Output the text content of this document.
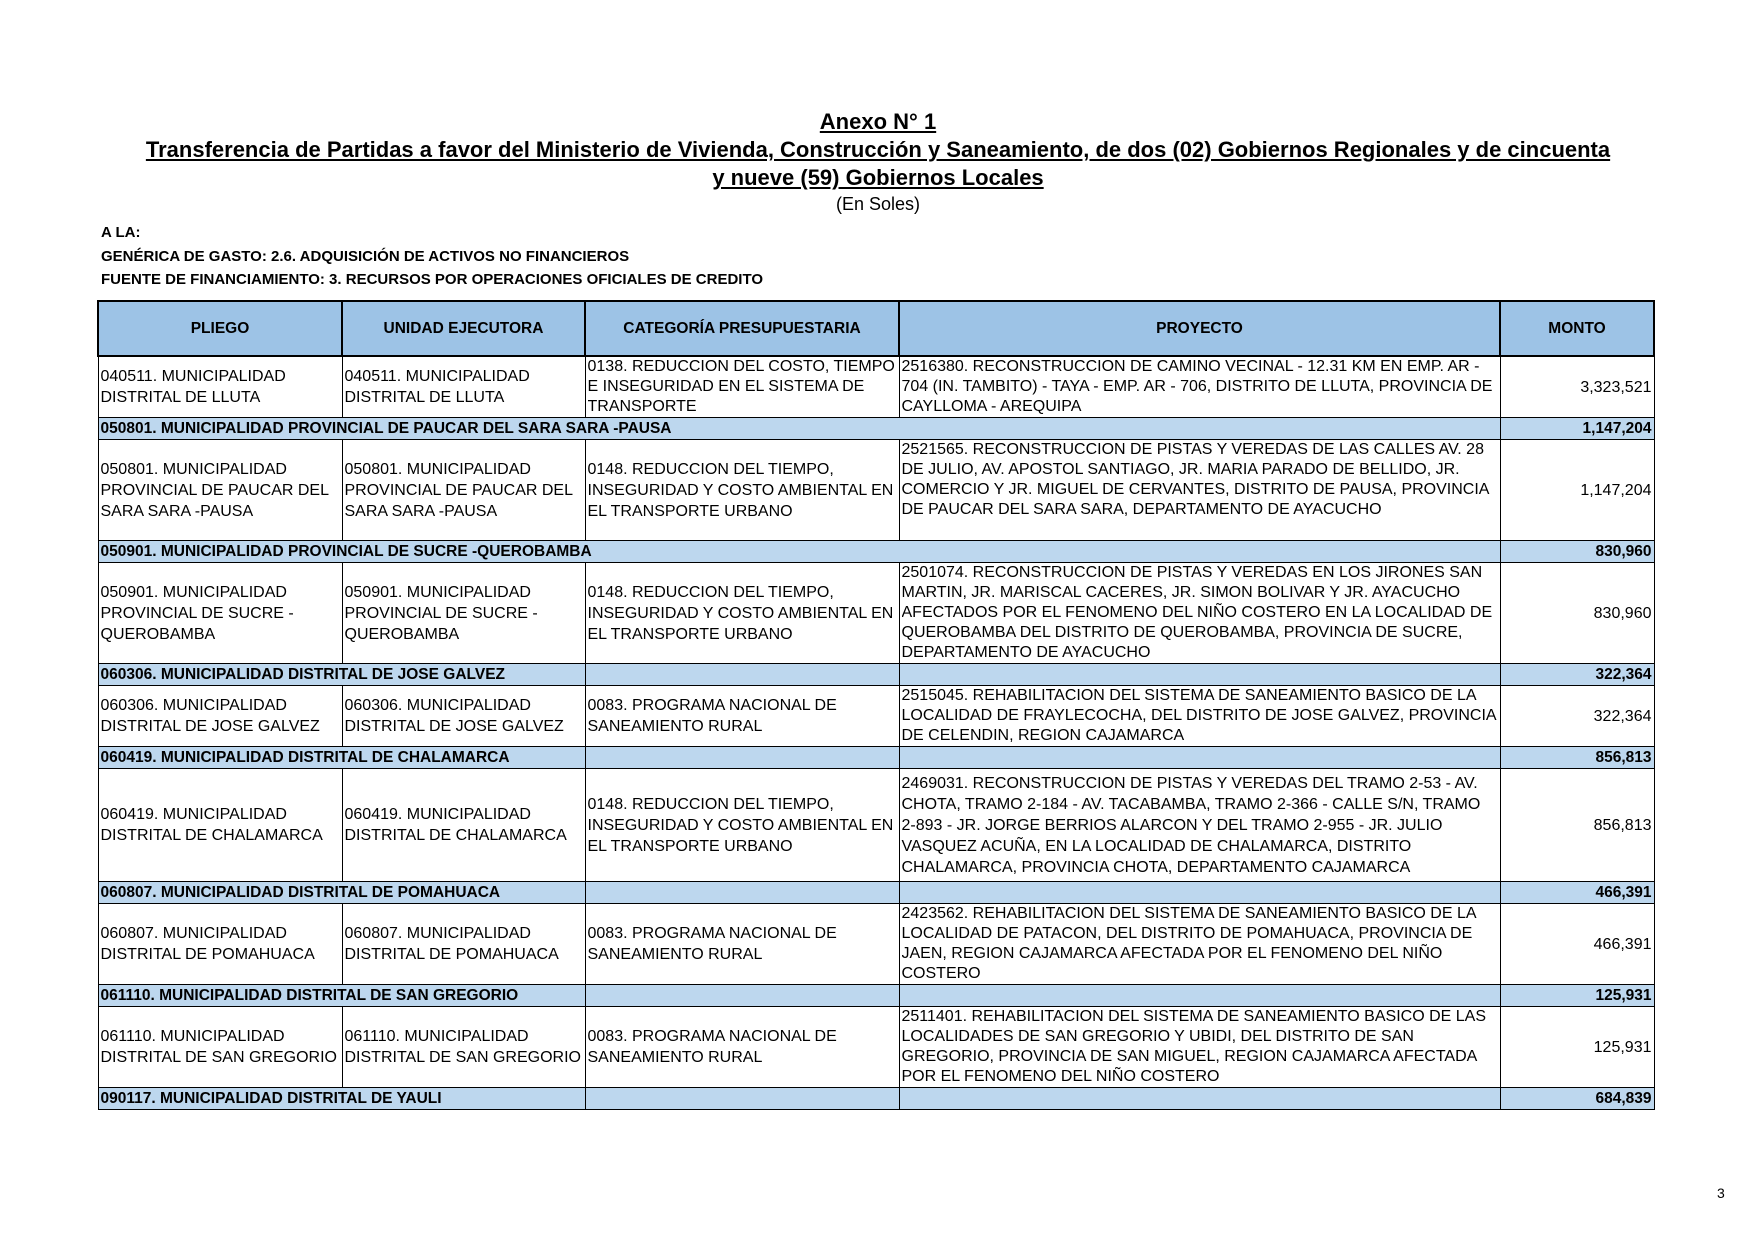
Anexo N° 1
Transferencia de Partidas a favor del Ministerio de Vivienda, Construcción y Saneamiento, de dos (02) Gobiernos Regionales y de cincuenta
y nueve (59) Gobiernos Locales
(En Soles)
A LA:
GENÉRICA DE GASTO: 2.6. ADQUISICIÓN DE ACTIVOS NO FINANCIEROS
FUENTE DE FINANCIAMIENTO: 3. RECURSOS POR OPERACIONES OFICIALES DE CREDITO
PLIEGO	UNIDAD EJECUTORA	CATEGORÍA PRESUPUESTARIA	PROYECTO	MONTO
040511. MUNICIPALIDAD DISTRITAL DE LLUTA	040511. MUNICIPALIDAD DISTRITAL DE LLUTA	0138. REDUCCION DEL COSTO, TIEMPO E INSEGURIDAD EN EL SISTEMA DE TRANSPORTE	2516380. RECONSTRUCCION DE CAMINO VECINAL - 12.31 KM EN EMP. AR - 704 (IN. TAMBITO) - TAYA - EMP. AR - 706, DISTRITO DE LLUTA, PROVINCIA DE CAYLLOMA - AREQUIPA	3,323,521
050801. MUNICIPALIDAD PROVINCIAL DE PAUCAR DEL SARA SARA -PAUSA				1,147,204
050801. MUNICIPALIDAD PROVINCIAL DE PAUCAR DEL SARA SARA -PAUSA	050801. MUNICIPALIDAD PROVINCIAL DE PAUCAR DEL SARA SARA -PAUSA	0148. REDUCCION DEL TIEMPO, INSEGURIDAD Y COSTO AMBIENTAL EN EL TRANSPORTE URBANO	2521565. RECONSTRUCCION DE PISTAS Y VEREDAS DE LAS CALLES AV. 28 DE JULIO, AV. APOSTOL SANTIAGO, JR. MARIA PARADO DE BELLIDO, JR. COMERCIO Y JR. MIGUEL DE CERVANTES, DISTRITO DE PAUSA, PROVINCIA DE PAUCAR DEL SARA SARA, DEPARTAMENTO DE AYACUCHO	1,147,204
050901. MUNICIPALIDAD PROVINCIAL DE SUCRE -QUEROBAMBA				830,960
050901. MUNICIPALIDAD PROVINCIAL DE SUCRE - QUEROBAMBA	050901. MUNICIPALIDAD PROVINCIAL DE SUCRE - QUEROBAMBA	0148. REDUCCION DEL TIEMPO, INSEGURIDAD Y COSTO AMBIENTAL EN EL TRANSPORTE URBANO	2501074. RECONSTRUCCION DE PISTAS Y VEREDAS EN LOS JIRONES SAN MARTIN, JR. MARISCAL CACERES, JR. SIMON BOLIVAR Y JR. AYACUCHO AFECTADOS POR EL FENOMENO DEL NIÑO COSTERO EN LA LOCALIDAD DE QUEROBAMBA DEL DISTRITO DE QUEROBAMBA, PROVINCIA DE SUCRE, DEPARTAMENTO DE AYACUCHO	830,960
060306. MUNICIPALIDAD DISTRITAL DE JOSE GALVEZ				322,364
060306. MUNICIPALIDAD DISTRITAL DE JOSE GALVEZ	060306. MUNICIPALIDAD DISTRITAL DE JOSE GALVEZ	0083. PROGRAMA NACIONAL DE SANEAMIENTO RURAL	2515045. REHABILITACION DEL SISTEMA DE SANEAMIENTO BASICO DE LA LOCALIDAD DE FRAYLECOCHA, DEL DISTRITO DE JOSE GALVEZ, PROVINCIA DE CELENDIN, REGION CAJAMARCA	322,364
060419. MUNICIPALIDAD DISTRITAL DE CHALAMARCA				856,813
060419. MUNICIPALIDAD DISTRITAL DE CHALAMARCA	060419. MUNICIPALIDAD DISTRITAL DE CHALAMARCA	0148. REDUCCION DEL TIEMPO, INSEGURIDAD Y COSTO AMBIENTAL EN EL TRANSPORTE URBANO	2469031. RECONSTRUCCION DE PISTAS Y VEREDAS DEL TRAMO 2-53 - AV. CHOTA, TRAMO 2-184 - AV. TACABAMBA, TRAMO 2-366 - CALLE S/N, TRAMO 2-893 - JR. JORGE BERRIOS ALARCON Y DEL TRAMO 2-955 - JR. JULIO VASQUEZ ACUÑA, EN LA LOCALIDAD DE CHALAMARCA, DISTRITO CHALAMARCA, PROVINCIA CHOTA, DEPARTAMENTO CAJAMARCA	856,813
060807. MUNICIPALIDAD DISTRITAL DE POMAHUACA				466,391
060807. MUNICIPALIDAD DISTRITAL DE POMAHUACA	060807. MUNICIPALIDAD DISTRITAL DE POMAHUACA	0083. PROGRAMA NACIONAL DE SANEAMIENTO RURAL	2423562. REHABILITACION DEL SISTEMA DE SANEAMIENTO BASICO DE LA LOCALIDAD DE PATACON, DEL DISTRITO DE POMAHUACA, PROVINCIA DE JAEN, REGION CAJAMARCA AFECTADA POR EL FENOMENO DEL NIÑO COSTERO	466,391
061110. MUNICIPALIDAD DISTRITAL DE SAN GREGORIO				125,931
061110. MUNICIPALIDAD DISTRITAL DE SAN GREGORIO	061110. MUNICIPALIDAD DISTRITAL DE SAN GREGORIO	0083. PROGRAMA NACIONAL DE SANEAMIENTO RURAL	2511401. REHABILITACION DEL SISTEMA DE SANEAMIENTO BASICO DE LAS LOCALIDADES DE SAN GREGORIO Y UBIDI, DEL DISTRITO DE SAN GREGORIO, PROVINCIA DE SAN MIGUEL, REGION CAJAMARCA AFECTADA POR EL FENOMENO DEL NIÑO COSTERO	125,931
090117. MUNICIPALIDAD DISTRITAL DE YAULI				684,839
3
